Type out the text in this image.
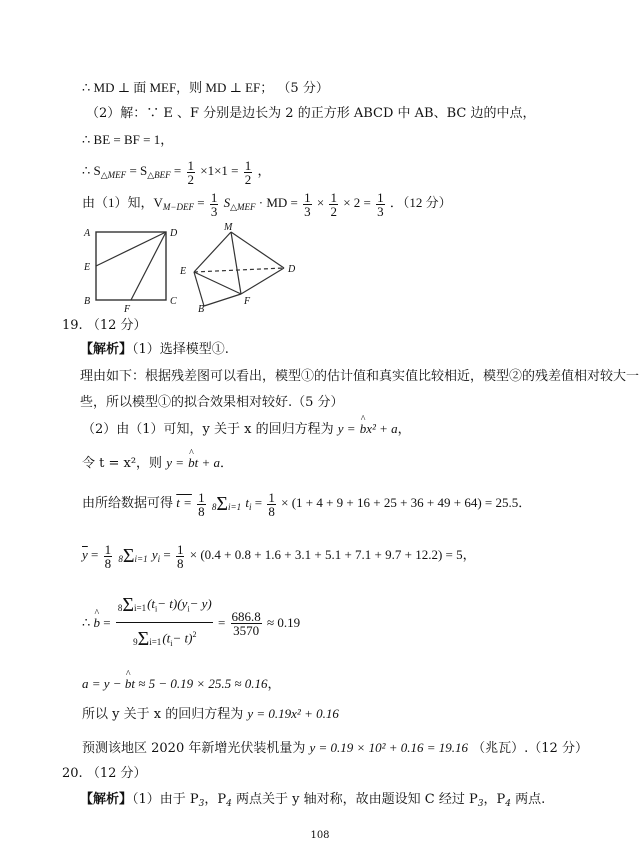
∴ MD ⊥ 面 MEF，则 MD ⊥ EF； （5 分）
（2）解：∵ E 、F 分别是边长为 2 的正方形 ABCD 中 AB、BC 边的中点，
∴ BE = BF = 1，
∴ $S_{\triangle MEF} = S_{\triangle BEF} = \frac{1}{2} \times 1\times 1 = \frac{1}{2}$ ，
由（1）知，$V_{M-DEF} = \frac{1}{3} S_{\triangle MEF}$ · MD = $\frac{1}{3} \times \frac{1}{2} \times 2 = \frac{1}{3}$ ．（12 分）
A	D
E
B	C
F
M
E	D
B
F
19. （12 分）
【解析】（1）选择模型①.
理由如下：根据残差图可以看出，模型①的估计值和真实值比较相近，模型②的残差值相对较大一
些，所以模型①的拟合效果相对较好.（5 分）
（2）由（1）可知，y 关于 x 的回归方程为 y = ^ bx² + a，
令 t = x²，则 y = ^ bt + a．
由所给数据可得 $t = \frac{1}{8} 8\Sigma i=1$ $t_i = \frac{1}{8} \times (1 + 4 + 9 + 16 + 25 + 36 + 49 + 64) = 25.5$．
$\overline{y} = \frac{1}{8} 8\Sigma i=1$ $y_i = \frac{1}{8} \times (0.4 + 0.8 + 1.6 + 3.1 + 5.1 + 7.1 + 9.7 + 12.2) = 5$，
∴ ^ $b = \frac{8\Sigma i=1(t_i- t)(y_i- y)}{9\Sigma i=1(t_i- t)^2} = \frac{686.8}{3570} \approx 0.19$
a = y − ^ bt ≈ 5 − 0.19 × 25.5 ≈ 0.16，
所以 y 关于 x 的回归方程为 y = 0.19x² + 0.16
预测该地区 2020 年新增光伏装机量为 y = 0.19 × 10² + 0.16 = 19.16 （兆瓦）.（12 分）
20. （12 分）
【解析】（1）由于 $P_3$，$P_4$ 两点关于 y 轴对称，故由题设知 C 经过 $P_3$，$P_4$ 两点.
108
